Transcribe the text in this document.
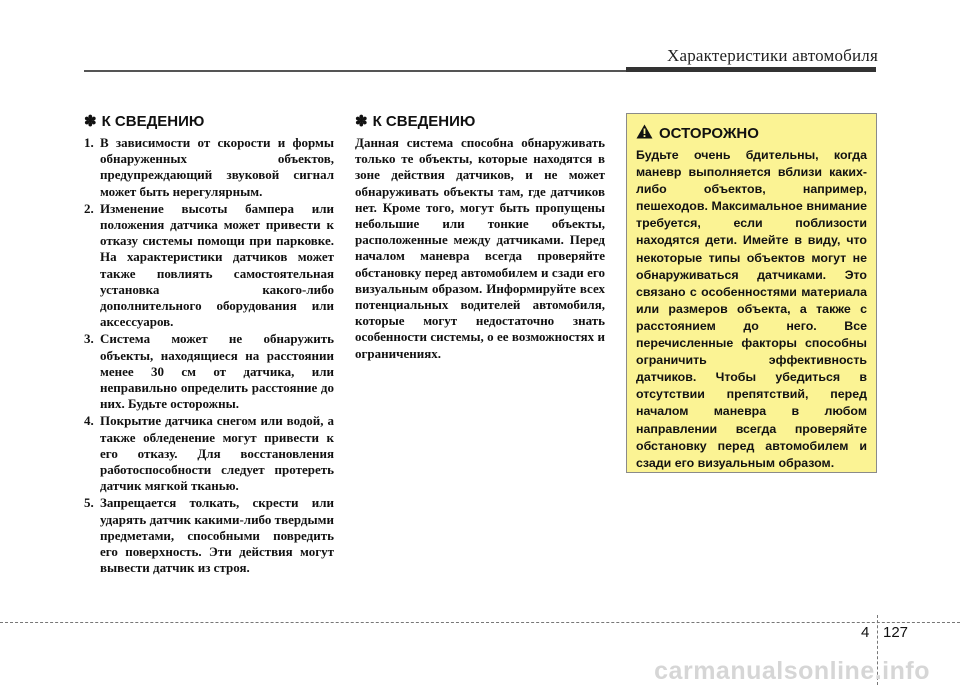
Характеристики автомобиля
✽ К СВЕДЕНИЮ
1. В зависимости от скорости и формы обнаруженных объектов, предупреждающий звуковой сигнал может быть нерегулярным.
2. Изменение высоты бампера или положения датчика может привести к отказу системы помощи при парковке. На характеристики датчиков может также повлиять самостоятельная установка какого-либо дополнительного оборудования или аксессуаров.
3. Система может не обнаружить объекты, находящиеся на расстоянии менее 30 см от датчика, или неправильно определить расстояние до них. Будьте осторожны.
4. Покрытие датчика снегом или водой, а также обледенение могут привести к его отказу. Для восстановления работоспособности следует протереть датчик мягкой тканью.
5. Запрещается толкать, скрести или ударять датчик какими-либо твердыми предметами, способными повредить его поверхность. Эти действия могут вывести датчик из строя.
✽ К СВЕДЕНИЮ

Данная система способна обнаруживать только те объекты, которые находятся в зоне действия датчиков, и не может обнаруживать объекты там, где датчиков нет. Кроме того, могут быть пропущены небольшие или тонкие объекты, расположенные между датчиками. Перед началом маневра всегда проверяйте обстановку перед автомобилем и сзади его визуальным образом. Информируйте всех потенциальных водителей автомобиля, которые могут недостаточно знать особенности системы, о ее возможностях и ограничениях.

ОСТОРОЖНО

Будьте очень бдительны, когда маневр выполняется вблизи каких-либо объектов, например, пешеходов. Максимальное внимание требуется, если поблизости находятся дети. Имейте в виду, что некоторые типы объектов могут не обнаруживаться датчиками. Это связано с особенностями материала или размеров объекта, а также с расстоянием до него. Все перечисленные факторы способны ограничить эффективность датчиков. Чтобы убедиться в отсутствии препятствий, перед началом маневра в любом направлении всегда проверяйте обстановку перед автомобилем и сзади его визуальным образом.

4 127
carmanualsonline.info
